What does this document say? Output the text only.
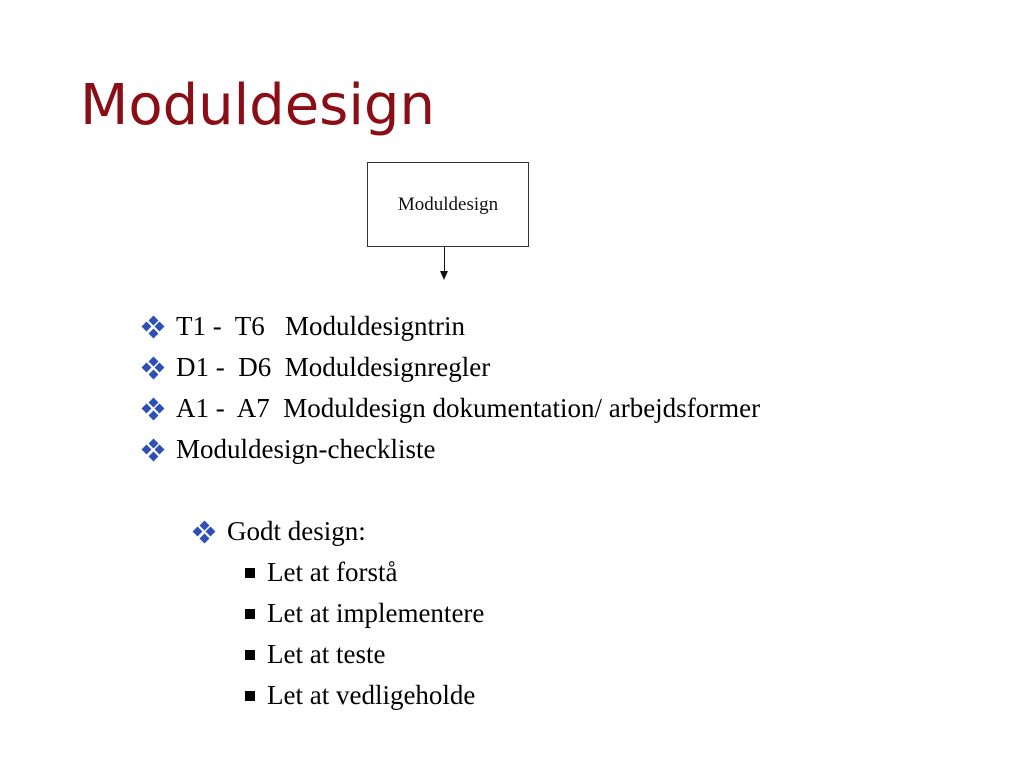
Moduldesign
Moduldesign
T1 -  T6   Moduldesigntrin
D1 -  D6  Moduldesignregler
A1 -  A7  Moduldesign dokumentation/ arbejdsformer
Moduldesign-checkliste
Godt design:
Let at forstå
Let at implementere
Let at teste
Let at vedligeholde
